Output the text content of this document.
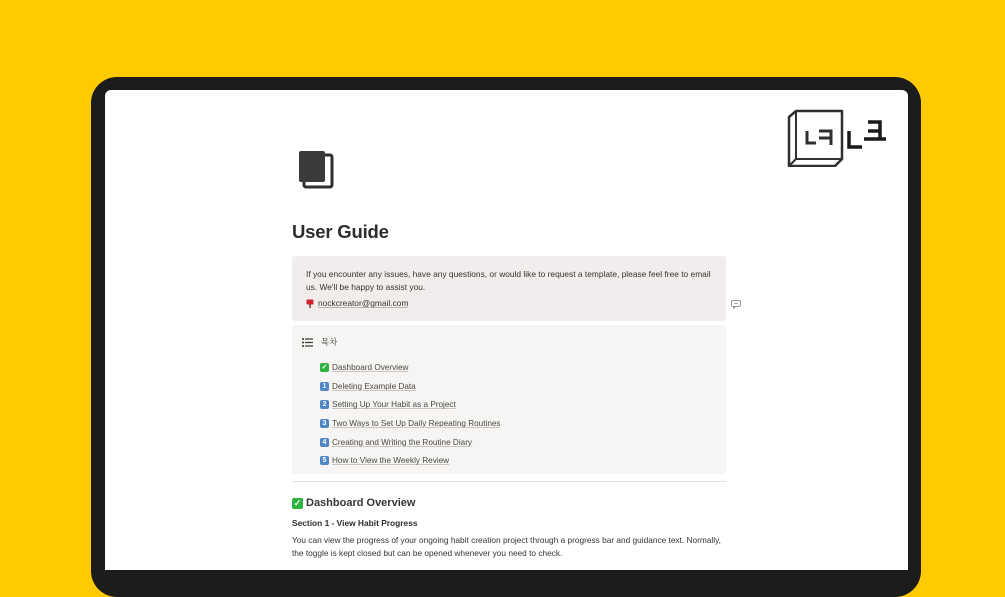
User Guide
If you encounter any issues, have any questions, or would like to request a template, please feel free to email us. We'll be happy to assist you.
nockcreator@gmail.com
목차
✓ Dashboard Overview
1 Deleting Example Data
2 Setting Up Your Habit as a Project
3 Two Ways to Set Up Daily Repeating Routines
4 Creating and Writing the Routine Diary
5 How to View the Weekly Review
✓ Dashboard Overview
Section 1 - View Habit Progress
You can view the progress of your ongoing habit creation project through a progress bar and guidance text. Normally, the toggle is kept closed but can be opened whenever you need to check.
